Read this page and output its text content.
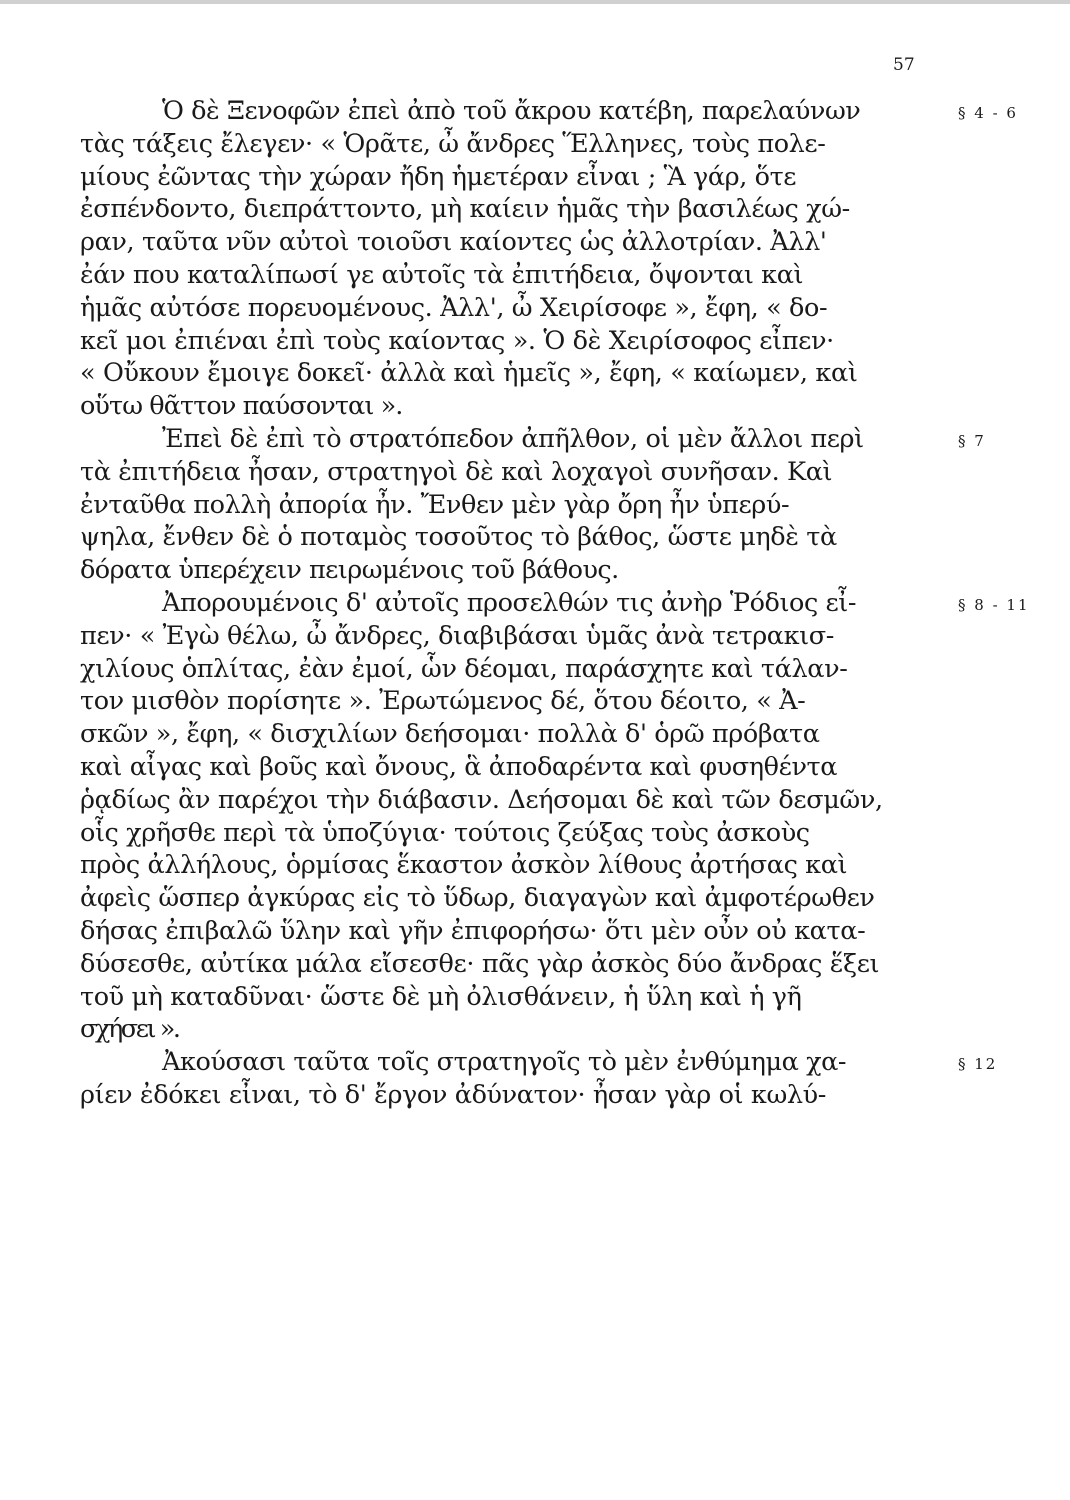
57
Ὁ δὲ Ξενοφῶν ἐπεὶ ἀπὸ τοῦ ἄκρου κατέβη, παρελαύνων
τὰς τάξεις ἔλεγεν· « Ὁρᾶτε, ὦ ἄνδρες Ἕλληνες, τοὺς πολε-
μίους ἐῶντας τὴν χώραν ἤδη ἡμετέραν εἶναι ; Ἃ γάρ, ὅτε
ἐσπένδοντο, διεπράττοντο, μὴ καίειν ἡμᾶς τὴν βασιλέως χώ-
ραν, ταῦτα νῦν αὐτοὶ τοιοῦσι καίοντες ὡς ἀλλοτρίαν. Ἀλλ'
ἐάν που καταλίπωσί γε αὐτοῖς τὰ ἐπιτήδεια, ὄψονται καὶ
ἡμᾶς αὐτόσε πορευομένους. Ἀλλ', ὦ Χειρίσοφε », ἔφη, « δο-
κεῖ μοι ἐπιέναι ἐπὶ τοὺς καίοντας ». Ὁ δὲ Χειρίσοφος εἶπεν·
« Οὔκουν ἔμοιγε δοκεῖ· ἀλλὰ καὶ ἡμεῖς », ἔφη, « καίωμεν, καὶ
οὕτω θᾶττον παύσονται ».
Ἐπεὶ δὲ ἐπὶ τὸ στρατόπεδον ἀπῆλθον, οἱ μὲν ἄλλοι περὶ
τὰ ἐπιτήδεια ἦσαν, στρατηγοὶ δὲ καὶ λοχαγοὶ συνῆσαν. Καὶ
ἐνταῦθα πολλὴ ἀπορία ἦν. Ἔνθεν μὲν γὰρ ὄρη ἦν ὑπερύ-
ψηλα, ἔνθεν δὲ ὁ ποταμὸς τοσοῦτος τὸ βάθος, ὥστε μηδὲ τὰ
δόρατα ὑπερέχειν πειρωμένοις τοῦ βάθους.
Ἀπορουμένοις δ' αὐτοῖς προσελθών τις ἀνὴρ Ῥόδιος εἶ-
πεν· « Ἐγὼ θέλω, ὦ ἄνδρες, διαβιβάσαι ὑμᾶς ἀνὰ τετρακισ-
χιλίους ὁπλίτας, ἐὰν ἐμοί, ὧν δέομαι, παράσχητε καὶ τάλαν-
τον μισθὸν πορίσητε ». Ἐρωτώμενος δέ, ὅτου δέοιτο, « Ἀ-
σκῶν », ἔφη, « δισχιλίων δεήσομαι· πολλὰ δ' ὁρῶ πρόβατα
καὶ αἶγας καὶ βοῦς καὶ ὄνους, ἃ ἀποδαρέντα καὶ φυσηθέντα
ῥᾳδίως ἂν παρέχοι τὴν διάβασιν. Δεήσομαι δὲ καὶ τῶν δεσμῶν,
οἷς χρῆσθε περὶ τὰ ὑποζύγια· τούτοις ζεύξας τοὺς ἀσκοὺς
πρὸς ἀλλήλους, ὁρμίσας ἕκαστον ἀσκὸν λίθους ἀρτήσας καὶ
ἀφεὶς ὥσπερ ἀγκύρας εἰς τὸ ὕδωρ, διαγαγὼν καὶ ἀμφοτέρωθεν
δήσας ἐπιβαλῶ ὕλην καὶ γῆν ἐπιφορήσω· ὅτι μὲν οὖν οὐ κατα-
δύσεσθε, αὐτίκα μάλα εἴσεσθε· πᾶς γὰρ ἀσκὸς δύο ἄνδρας ἕξει
τοῦ μὴ καταδῦναι· ὥστε δὲ μὴ ὀλισθάνειν, ἡ ὕλη καὶ ἡ γῆ
σχήσει ».
Ἀκούσασι ταῦτα τοῖς στρατηγοῖς τὸ μὲν ἐνθύμημα χα-
ρίεν ἐδόκει εἶναι, τὸ δ' ἔργον ἀδύνατον· ἦσαν γὰρ οἱ κωλύ-
§ 4 - 6
§ 7
§ 8 - 11
§ 12
